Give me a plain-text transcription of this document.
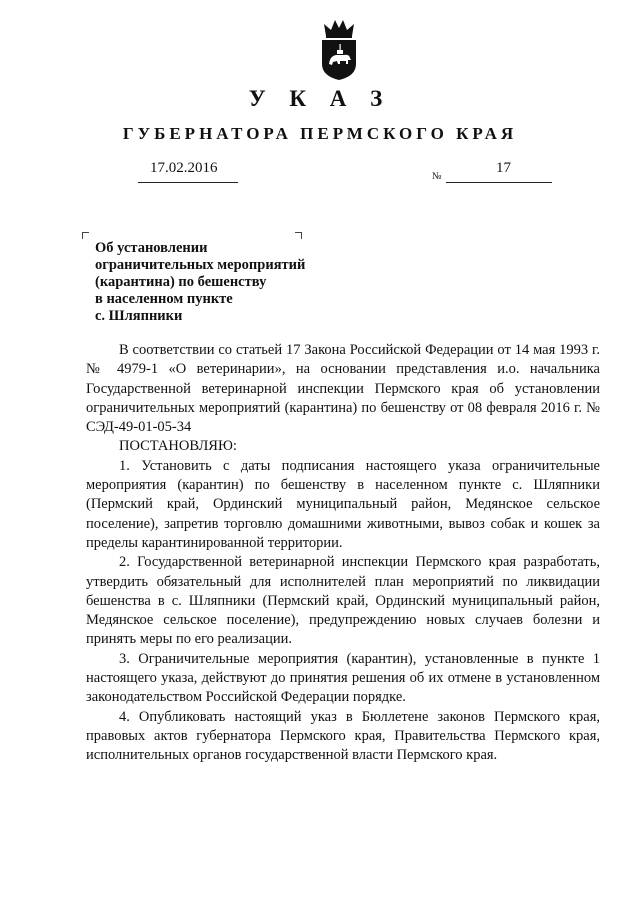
У К А З
ГУБЕРНАТОРА ПЕРМСКОГО КРАЯ
17.02.2016
№
17
Об установлении
ограничительных мероприятий
(карантина) по бешенству
в населенном пункте
с. Шляпники

В соответствии со статьей 17 Закона Российской Федерации от 14 мая 1993 г. № 4979-1 «О ветеринарии», на основании представления и.о. начальника Государственной ветеринарной инспекции Пермского края об установлении ограничительных мероприятий (карантина) по бешенству от 08 февраля 2016 г. № СЭД-49-01-05-34

ПОСТАНОВЛЯЮ:

1. Установить с даты подписания настоящего указа ограничительные мероприятия (карантин) по бешенству в населенном пункте с. Шляпники (Пермский край, Ординский муниципальный район, Медянское сельское поселение), запретив торговлю домашними животными, вывоз собак и кошек за пределы карантинированной территории.

2. Государственной ветеринарной инспекции Пермского края разработать, утвердить обязательный для исполнителей план мероприятий по ликвидации бешенства в с. Шляпники (Пермский край, Ординский муниципальный район, Медянское сельское поселение), предупреждению новых случаев болезни и принять меры по его реализации.

3. Ограничительные мероприятия (карантин), установленные в пункте 1 настоящего указа, действуют до принятия решения об их отмене в установленном законодательством Российской Федерации порядке.

4. Опубликовать настоящий указ в Бюллетене законов Пермского края, правовых актов губернатора Пермского края, Правительства Пермского края, исполнительных органов государственной власти Пермского края.
